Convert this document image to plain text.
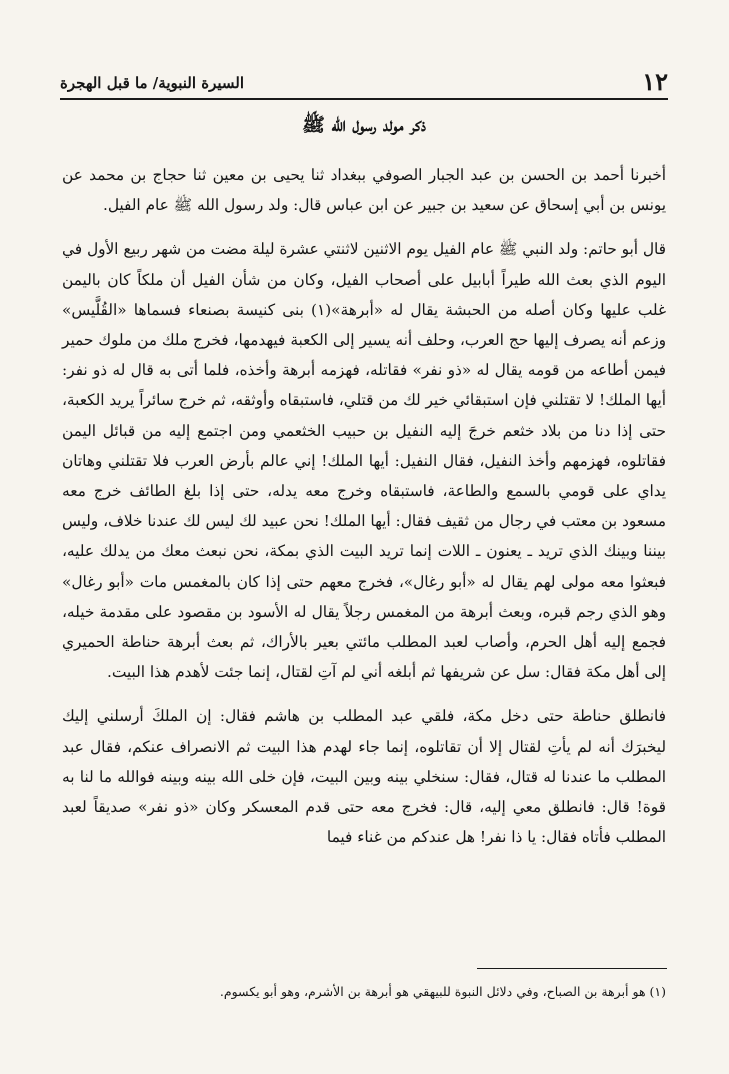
١٢
السيرة النبوية/ ما قبل الهجرة
ذكر مولد رسول الله ﷺ

أخبرنا أحمد بن الحسن بن عبد الجبار الصوفي ببغداد ثنا يحيى بن معين ثنا حجاج بن محمد عن يونس بن أبي إسحاق عن سعيد بن جبير عن ابن عباس قال: ولد رسول الله ﷺ عام الفيل.

قال أبو حاتم: ولد النبي ﷺ عام الفيل يوم الاثنين لاثنتي عشرة ليلة مضت من شهر ربيع الأول في اليوم الذي بعث الله طيراً أبابيل على أصحاب الفيل، وكان من شأن الفيل أن ملكاً كان باليمن غلب عليها وكان أصله من الحبشة يقال له «أبرهة»(١) بنى كنيسة بصنعاء فسماها «القُلَّيس» وزعم أنه يصرف إليها حج العرب، وحلف أنه يسير إلى الكعبة فيهدمها، فخرج ملك من ملوك حمير فيمن أطاعه من قومه يقال له «ذو نفر» فقاتله، فهزمه أبرهة وأخذه، فلما أتى به قال له ذو نفر: أيها الملك! لا تقتلني فإن استبقائي خير لك من قتلي، فاستبقاه وأوثقه، ثم خرج سائراً يريد الكعبة، حتى إذا دنا من بلاد خثعم خرجَ إليه النفيل بن حبيب الخثعمي ومن اجتمع إليه من قبائل اليمن فقاتلوه، فهزمهم وأخذ النفيل، فقال النفيل: أيها الملك! إني عالم بأرض العرب فلا تقتلني وهاتان يداي على قومي بالسمع والطاعة، فاستبقاه وخرج معه يدله، حتى إذا بلغ الطائف خرج معه مسعود بن معتب في رجال من ثقيف فقال: أيها الملك! نحن عبيد لك ليس لك عندنا خلاف، وليس بيننا وبينك الذي تريد ـ يعنون ـ اللات إنما تريد البيت الذي بمكة، نحن نبعث معك من يدلك عليه، فبعثوا معه مولى لهم يقال له «أبو رغال»، فخرج معهم حتى إذا كان بالمغمس مات «أبو رغال» وهو الذي رجم قبره، وبعث أبرهة من المغمس رجلاً يقال له الأسود بن مقصود على مقدمة خيله، فجمع إليه أهل الحرم، وأصاب لعبد المطلب مائتي بعير بالأراك، ثم بعث أبرهة حناطة الحميري إلى أهل مكة فقال: سل عن شريفها ثم أبلغه أني لم آتِ لقتال، إنما جئت لأهدم هذا البيت.

فانطلق حناطة حتى دخل مكة، فلقي عبد المطلب بن هاشم فقال: إن الملكَ أرسلني إليك ليخبرَك أنه لم يأتِ لقتال إلا أن تقاتلوه، إنما جاء لهدم هذا البيت ثم الانصراف عنكم، فقال عبد المطلب ما عندنا له قتال، فقال: سنخلي بينه وبين البيت، فإن خلى الله بينه وبينه فوالله ما لنا به قوة! قال: فانطلق معي إليه، قال: فخرج معه حتى قدم المعسكر وكان «ذو نفر» صديقاً لعبد المطلب فأتاه فقال: يا ذا نفر! هل عندكم من غناء فيما

(١) هو أبرهة بن الصباح، وفي دلائل النبوة للبيهقي هو أبرهة بن الأشرم، وهو أبو يكسوم.
